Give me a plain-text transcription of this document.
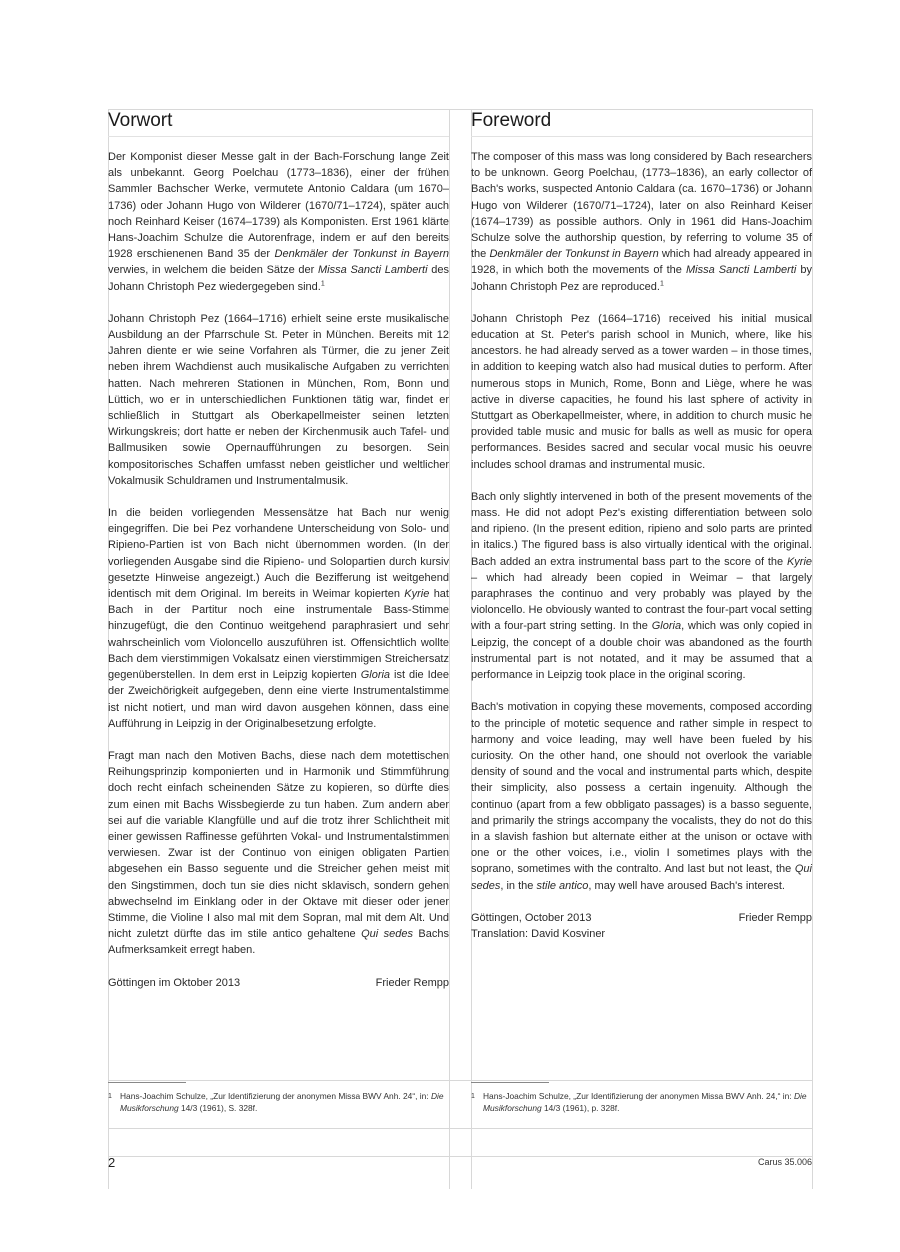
Vorwort

Der Komponist dieser Messe galt in der Bach-Forschung lange Zeit als unbekannt. Georg Poelchau (1773–1836), einer der frühen Sammler Bachscher Werke, vermutete Antonio Caldara (um 1670–1736) oder Johann Hugo von Wilderer (1670/71–1724), später auch noch Reinhard Keiser (1674–1739) als Komponisten. Erst 1961 klärte Hans-Joachim Schulze die Autorenfrage, indem er auf den bereits 1928 erschienenen Band 35 der Denkmäler der Tonkunst in Bayern verwies, in welchem die beiden Sätze der Missa Sancti Lamberti des Johann Christoph Pez wiedergegeben sind.$^1$

Johann Christoph Pez (1664–1716) erhielt seine erste musikalische Ausbildung an der Pfarrschule St. Peter in München. Bereits mit 12 Jahren diente er wie seine Vorfahren als Türmer, die zu jener Zeit neben ihrem Wachdienst auch musikalische Aufgaben zu verrichten hatten. Nach mehreren Stationen in München, Rom, Bonn und Lüttich, wo er in unterschiedlichen Funktionen tätig war, findet er schließlich in Stuttgart als Oberkapellmeister seinen letzten Wirkungskreis; dort hatte er neben der Kirchenmusik auch Tafel- und Ballmusiken sowie Opernaufführungen zu besorgen. Sein kompositorisches Schaffen umfasst neben geistlicher und weltlicher Vokalmusik Schuldramen und Instrumentalmusik.

In die beiden vorliegenden Messensätze hat Bach nur wenig eingegriffen. Die bei Pez vorhandene Unterscheidung von Solo- und Ripieno-Partien ist von Bach nicht übernommen worden. (In der vorliegenden Ausgabe sind die Ripieno- und Solopartien durch kursiv gesetzte Hinweise angezeigt.) Auch die Bezifferung ist weitgehend identisch mit dem Original. Im bereits in Weimar kopierten Kyrie hat Bach in der Partitur noch eine instrumentale Bass-Stimme hinzugefügt, die den Continuo weitgehend paraphrasiert und sehr wahrscheinlich vom Violoncello auszuführen ist. Offensichtlich wollte Bach dem vierstimmigen Vokalsatz einen vierstimmigen Streichersatz gegenüberstellen. In dem erst in Leipzig kopierten Gloria ist die Idee der Zweichörigkeit aufgegeben, denn eine vierte Instrumentalstimme ist nicht notiert, und man wird davon ausgehen können, dass eine Aufführung in Leipzig in der Originalbesetzung erfolgte.

Fragt man nach den Motiven Bachs, diese nach dem motettischen Reihungsprinzip komponierten und in Harmonik und Stimmführung doch recht einfach scheinenden Sätze zu kopieren, so dürfte dies zum einen mit Bachs Wissbegierde zu tun haben. Zum andern aber sei auf die variable Klangfülle und auf die trotz ihrer Schlichtheit mit einer gewissen Raffinesse geführten Vokal- und Instrumentalstimmen verwiesen. Zwar ist der Continuo von einigen obligaten Partien abgesehen ein Basso seguente und die Streicher gehen meist mit den Singstimmen, doch tun sie dies nicht sklavisch, sondern gehen abwechselnd im Einklang oder in der Oktave mit dieser oder jener Stimme, die Violine I also mal mit dem Sopran, mal mit dem Alt. Und nicht zuletzt dürfte das im stile antico gehaltene Qui sedes Bachs Aufmerksamkeit erregt haben.

Göttingen im Oktober 2013	Frieder Rempp
Foreword

The composer of this mass was long considered by Bach researchers to be unknown. Georg Poelchau, (1773–1836), an early collector of Bach's works, suspected Antonio Caldara (ca. 1670–1736) or Johann Hugo von Wilderer (1670/71–1724), later on also Reinhard Keiser (1674–1739) as possible authors. Only in 1961 did Hans-Joachim Schulze solve the authorship question, by referring to volume 35 of the Denkmäler der Tonkunst in Bayern which had already appeared in 1928, in which both the movements of the Missa Sancti Lamberti by Johann Christoph Pez are reproduced.$^1$

Johann Christoph Pez (1664–1716) received his initial musical education at St. Peter's parish school in Munich, where, like his ancestors. he had already served as a tower warden – in those times, in addition to keeping watch also had musical duties to perform. After numerous stops in Munich, Rome, Bonn and Liège, where he was active in diverse capacities, he found his last sphere of activity in Stuttgart as Oberkapellmeister, where, in addition to church music he provided table music and music for balls as well as music for opera performances. Besides sacred and secular vocal music his oeuvre includes school dramas and instrumental music.

Bach only slightly intervened in both of the present movements of the mass. He did not adopt Pez's existing differentiation between solo and ripieno. (In the present edition, ripieno and solo parts are printed in italics.) The figured bass is also virtually identical with the original. Bach added an extra instrumental bass part to the score of the Kyrie – which had already been copied in Weimar – that largely paraphrases the continuo and very probably was played by the violoncello. He obviously wanted to contrast the four-part vocal setting with a four-part string setting. In the Gloria, which was only copied in Leipzig, the concept of a double choir was abandoned as the fourth instrumental part is not notated, and it may be assumed that a performance in Leipzig took place in the original scoring.

Bach's motivation in copying these movements, composed according to the principle of motetic sequence and rather simple in respect to harmony and voice leading, may well have been fueled by his curiosity. On the other hand, one should not overlook the variable density of sound and the vocal and instrumental parts which, despite their simplicity, also possess a certain ingenuity. Although the continuo (apart from a few obbligato passages) is a basso seguente, and primarily the strings accompany the vocalists, they do not do this in a slavish fashion but alternate either at the unison or octave with one or the other voices, i.e., violin I sometimes plays with the soprano, sometimes with the contralto. And last but not least, the Qui sedes, in the stile antico, may well have aroused Bach's interest.

Göttingen, October 2013	Frieder Rempp
Translation: David Kosviner
1 Hans-Joachim Schulze, „Zur Identifizierung der anonymen Missa BWV Anh. 24“, in: Die Musikforschung 14/3 (1961), S. 328f.
1 Hans-Joachim Schulze, „Zur Identifizierung der anonymen Missa BWV Anh. 24,“ in: Die Musikforschung 14/3 (1961), p. 328f.
2	Carus 35.006
